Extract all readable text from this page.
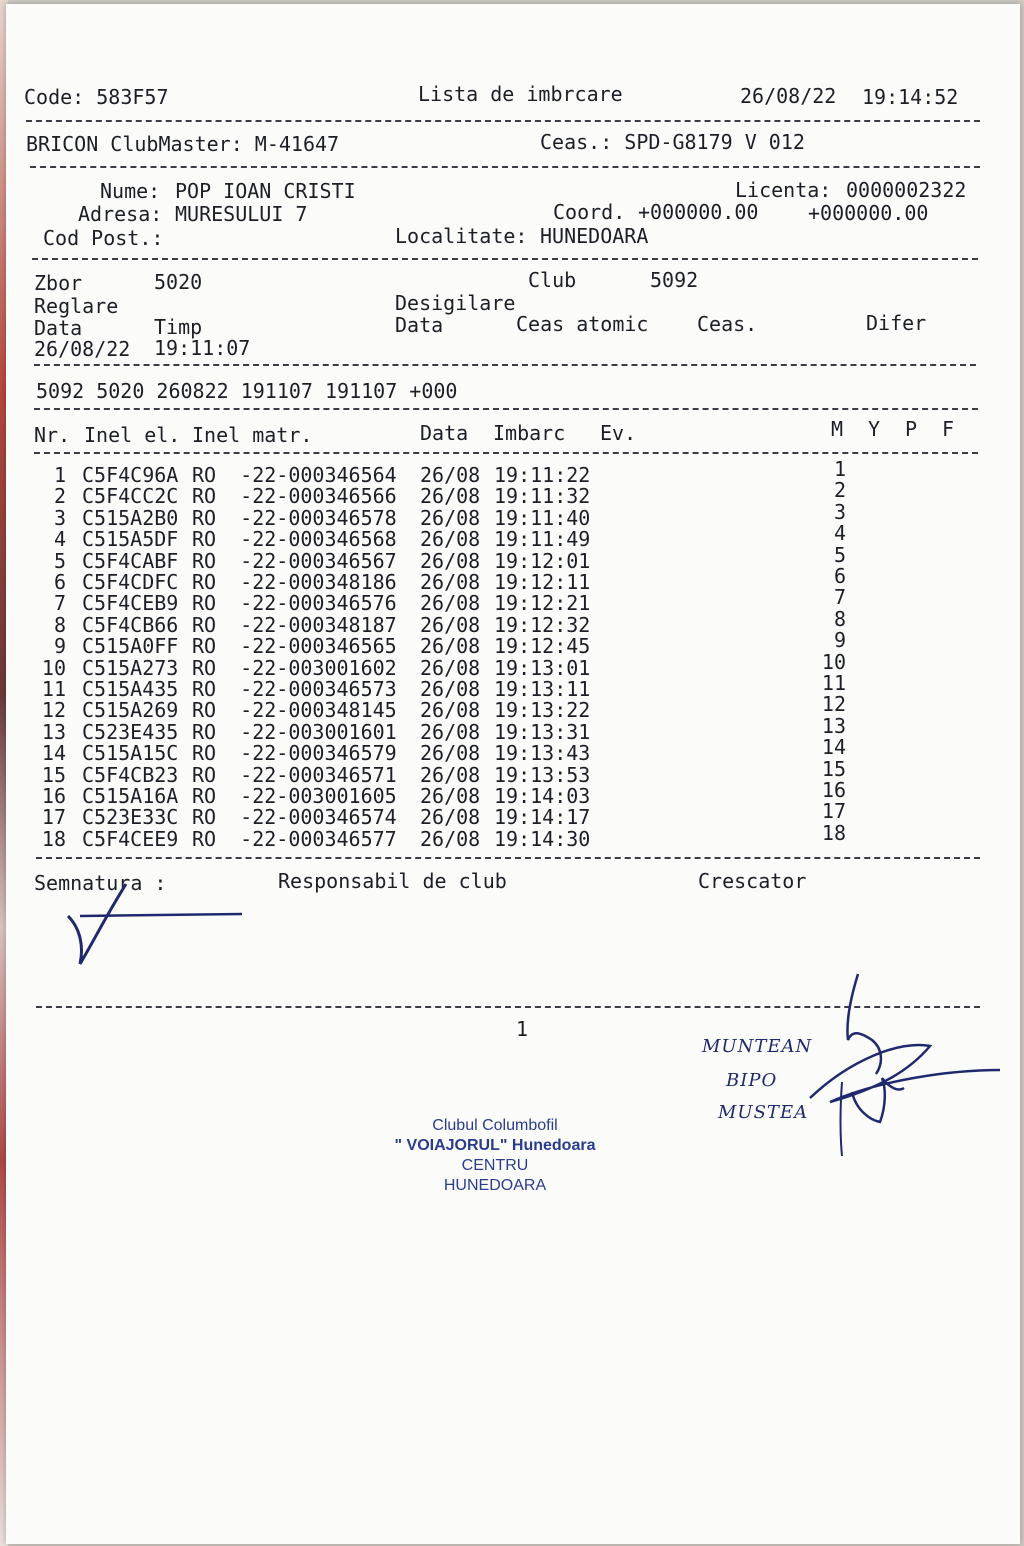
Code: 583F57	Lista de imbrcare	26/08/22 19:14:52
BRICON ClubMaster: M-41647	Ceas.: SPD-G8179 V 012
Nume: POP IOAN CRISTI	Licenta: 0000002322
Adresa: MURESULUI 7	Coord. +000000.00 +000000.00
Cod Post.:	Localitate: HUNEDOARA
Zbor	5020	Club	5092
Reglare	Desigilare
Data	Timp	Data	Ceas atomic Ceas.	Difer
26/08/22 19:11:07
5092 5020 260822 191107 191107 +000
Nr. Inel el. Inel matr.	Data Imbarc Ev.	M Y P F
1 C5F4C96A RO  -22-000346564 26/08 19:11:22	1
2 C5F4CC2C RO  -22-000346566 26/08 19:11:32	2
3 C515A2B0 RO  -22-000346578 26/08 19:11:40	3
4 C515A5DF RO  -22-000346568 26/08 19:11:49	4
5 C5F4CABF RO  -22-000346567 26/08 19:12:01	5
6 C5F4CDFC RO  -22-000348186 26/08 19:12:11	6
7 C5F4CEB9 RO  -22-000346576 26/08 19:12:21	7
8 C5F4CB66 RO  -22-000348187 26/08 19:12:32	8
9 C515A0FF RO  -22-000346565 26/08 19:12:45	9
10 C515A273 RO  -22-003001602 26/08 19:13:01	10
11 C515A435 RO  -22-000346573 26/08 19:13:11	11
12 C515A269 RO  -22-000348145 26/08 19:13:22	12
13 C523E435 RO  -22-003001601 26/08 19:13:31	13
14 C515A15C RO  -22-000346579 26/08 19:13:43	14
15 C5F4CB23 RO  -22-000346571 26/08 19:13:53	15
16 C515A16A RO  -22-003001605 26/08 19:14:03	16
17 C523E33C RO  -22-000346574 26/08 19:14:17	17
18 C5F4CEE9 RO  -22-000346577 26/08 19:14:30	18
Semnatura :	Responsabil de club	Crescator
1
MUNTEAN
BIPO
MUSTEA
Clubul Columbofil
" VOIAJORUL" Hunedoara
CENTRU
HUNEDOARA
